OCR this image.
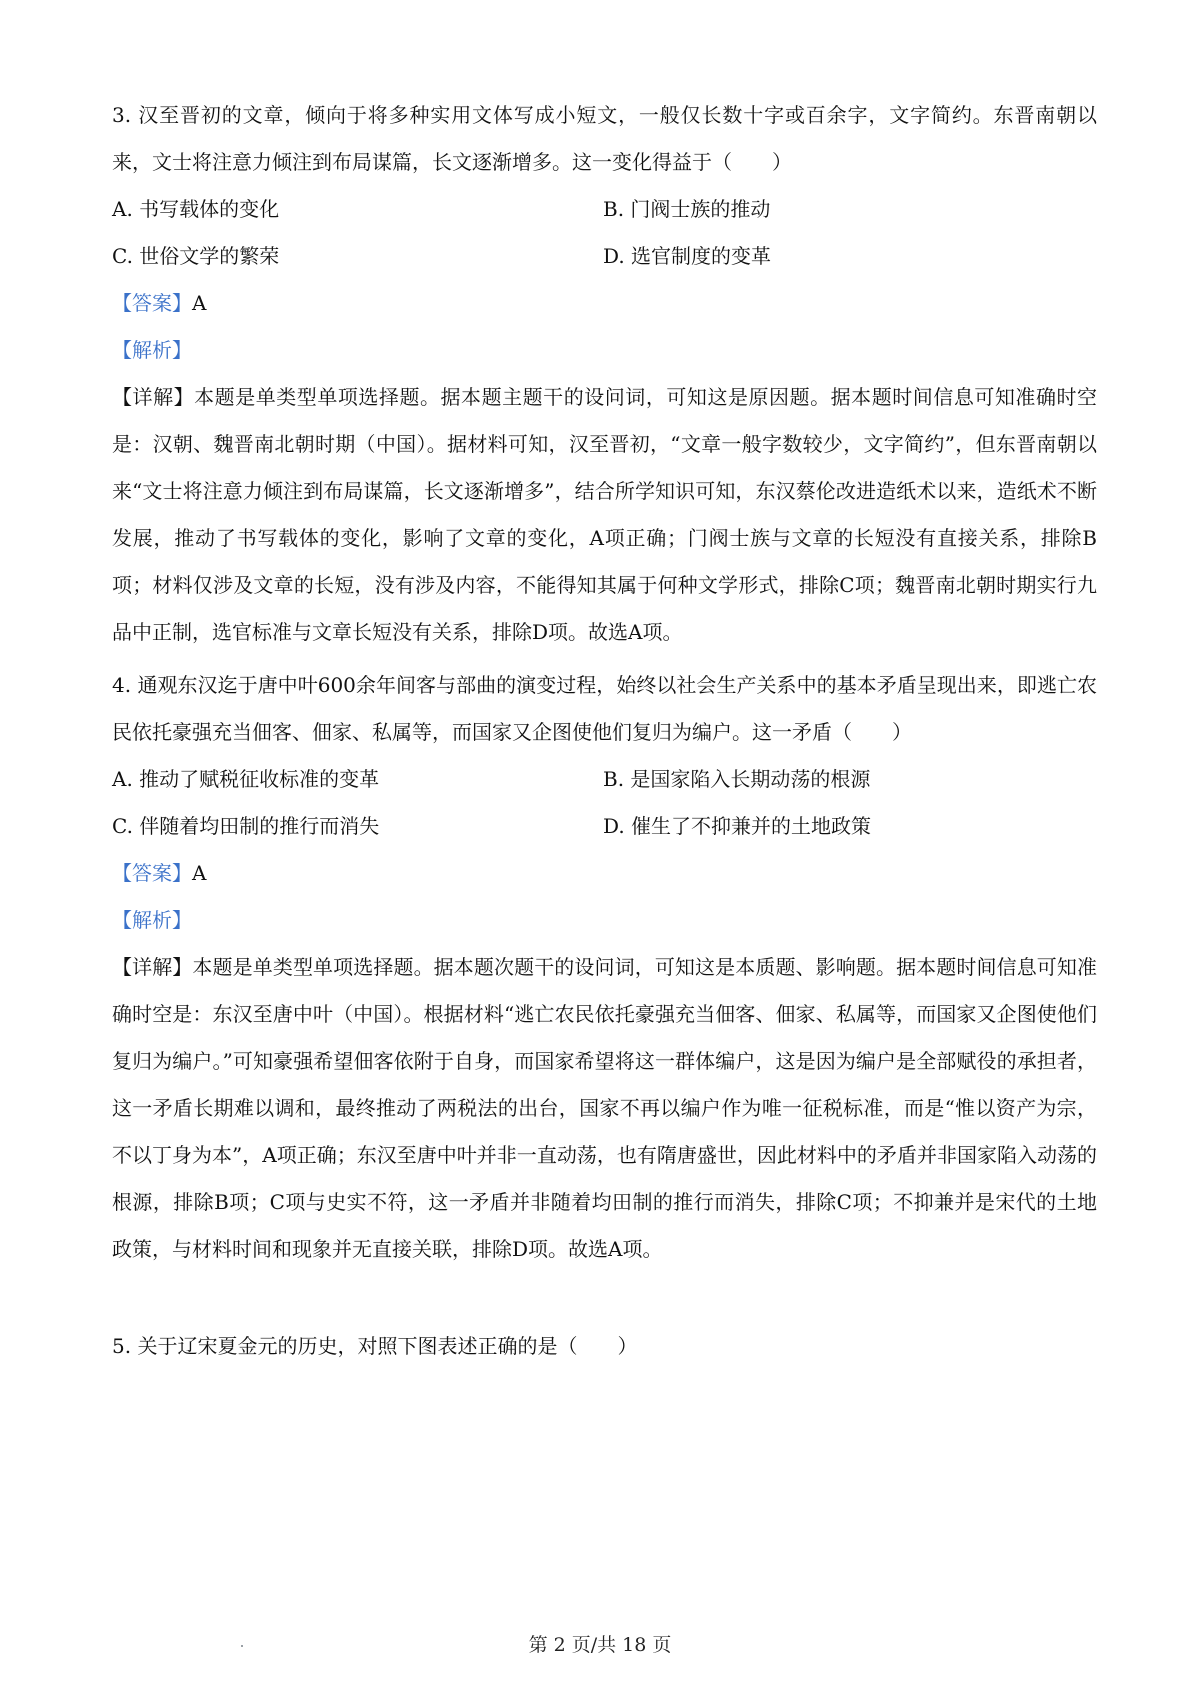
3. 汉至晋初的文章，倾向于将多种实用文体写成小短文，一般仅长数十字或百余字，文字简约。东晋南朝以来，文士将注意力倾注到布局谋篇，长文逐渐增多。这一变化得益于（　　）

A. 书写载体的变化	B. 门阀士族的推动
C. 世俗文学的繁荣	D. 选官制度的变革

【答案】A

【解析】

【详解】本题是单类型单项选择题。据本题主题干的设问词，可知这是原因题。据本题时间信息可知准确时空是：汉朝、魏晋南北朝时期（中国）。据材料可知，汉至晋初，“文章一般字数较少，文字简约”，但东晋南朝以来“文士将注意力倾注到布局谋篇，长文逐渐增多”，结合所学知识可知，东汉蔡伦改进造纸术以来，造纸术不断发展，推动了书写载体的变化，影响了文章的变化，A项正确；门阀士族与文章的长短没有直接关系，排除B项；材料仅涉及文章的长短，没有涉及内容，不能得知其属于何种文学形式，排除C项；魏晋南北朝时期实行九品中正制，选官标准与文章长短没有关系，排除D项。故选A项。

4. 通观东汉迄于唐中叶600余年间客与部曲的演变过程，始终以社会生产关系中的基本矛盾呈现出来，即逃亡农民依托豪强充当佃客、佃家、私属等，而国家又企图使他们复归为编户。这一矛盾（　　）

A. 推动了赋税征收标准的变革	B. 是国家陷入长期动荡的根源
C. 伴随着均田制的推行而消失	D. 催生了不抑兼并的土地政策

【答案】A

【解析】

【详解】本题是单类型单项选择题。据本题次题干的设问词，可知这是本质题、影响题。据本题时间信息可知准确时空是：东汉至唐中叶（中国）。根据材料“逃亡农民依托豪强充当佃客、佃家、私属等，而国家又企图使他们复归为编户。”可知豪强希望佃客依附于自身，而国家希望将这一群体编户，这是因为编户是全部赋役的承担者，这一矛盾长期难以调和，最终推动了两税法的出台，国家不再以编户作为唯一征税标准，而是“惟以资产为宗，不以丁身为本”，A项正确；东汉至唐中叶并非一直动荡，也有隋唐盛世，因此材料中的矛盾并非国家陷入动荡的根源，排除B项；C项与史实不符，这一矛盾并非随着均田制的推行而消失，排除C项；不抑兼并是宋代的土地政策，与材料时间和现象并无直接关联，排除D项。故选A项。

5. 关于辽宋夏金元的历史，对照下图表述正确的是（　　）

第 2 页/共 18 页
